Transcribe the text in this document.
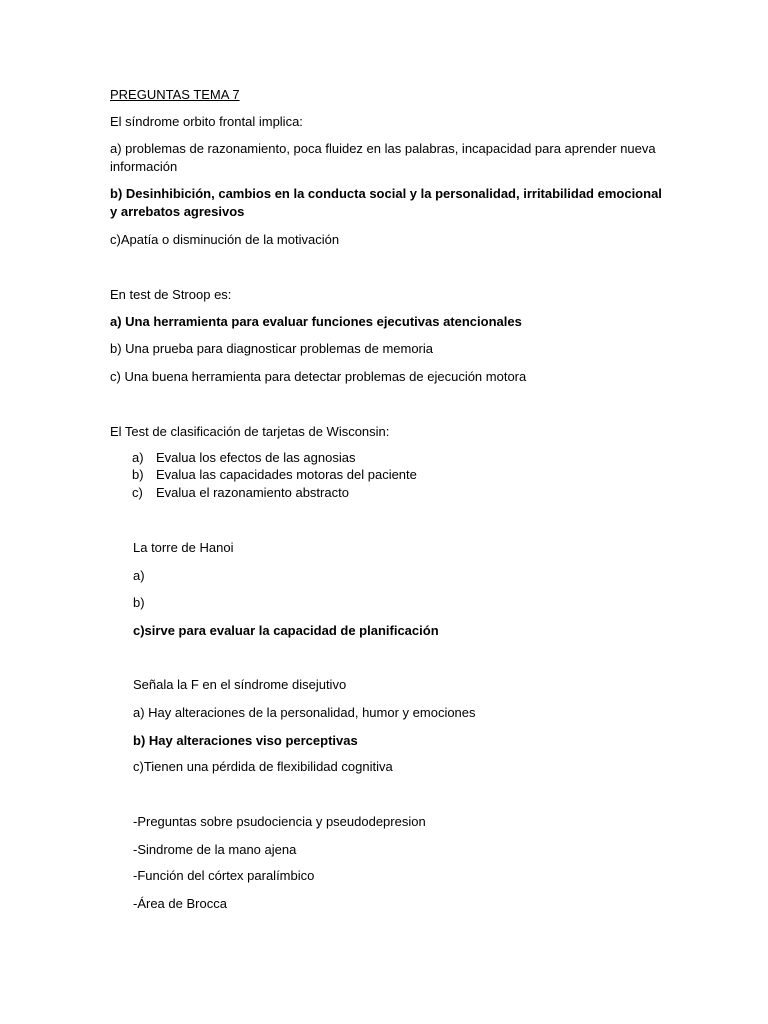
PREGUNTAS TEMA 7
El síndrome orbito frontal implica:
a) problemas de razonamiento, poca fluidez en las palabras, incapacidad para aprender nueva información
b) Desinhibición, cambios en la conducta social y la personalidad, irritabilidad emocional y arrebatos agresivos
c)Apatía o disminución de la motivación
En test de Stroop es:
a) Una herramienta para evaluar funciones ejecutivas atencionales
b) Una prueba para diagnosticar problemas de memoria
c) Una buena herramienta para detectar problemas de ejecución motora
El Test de clasificación de tarjetas de Wisconsin:
a) Evalua los efectos de las agnosias
b) Evalua las capacidades motoras del paciente
c) Evalua el razonamiento abstracto
La torre de Hanoi
a)
b)
c)sirve para evaluar la capacidad de planificación
Señala la F en el síndrome disejutivo
a) Hay alteraciones de la personalidad, humor y emociones
b) Hay alteraciones viso perceptivas
c)Tienen una pérdida de flexibilidad cognitiva
-Preguntas sobre psudociencia y pseudodepresion
-Sindrome de la mano ajena
-Función del córtex paralímbico
-Área de Brocca
